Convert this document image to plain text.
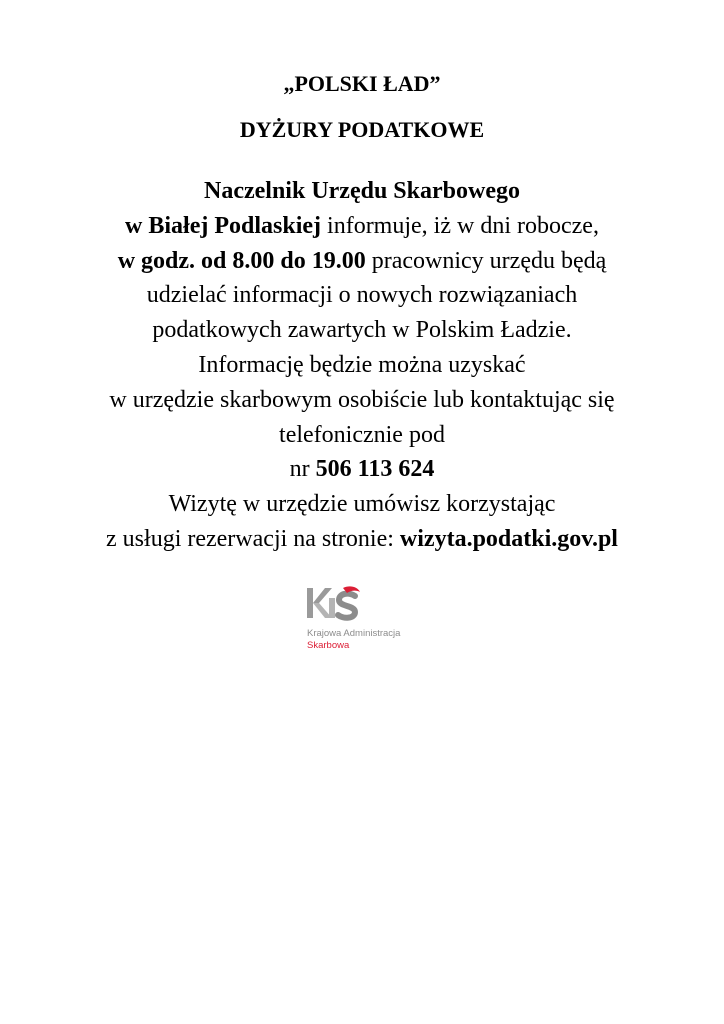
„POLSKI ŁAD”
DYŻURY PODATKOWE
Naczelnik Urzędu Skarbowego
w Białej Podlaskiej informuje, iż w dni robocze,
w godz. od 8.00 do 19.00 pracownicy urzędu będą
udzielać informacji o nowych rozwiązaniach
podatkowych zawartych w Polskim Ładzie.
Informację będzie można uzyskać
w urzędzie skarbowym osobiście lub kontaktując się
telefonicznie pod
nr 506 113 624
Wizytę w urzędzie umówisz korzystając
z usługi rezerwacji na stronie: wizyta.podatki.gov.pl
Krajowa Administracja
Skarbowa
